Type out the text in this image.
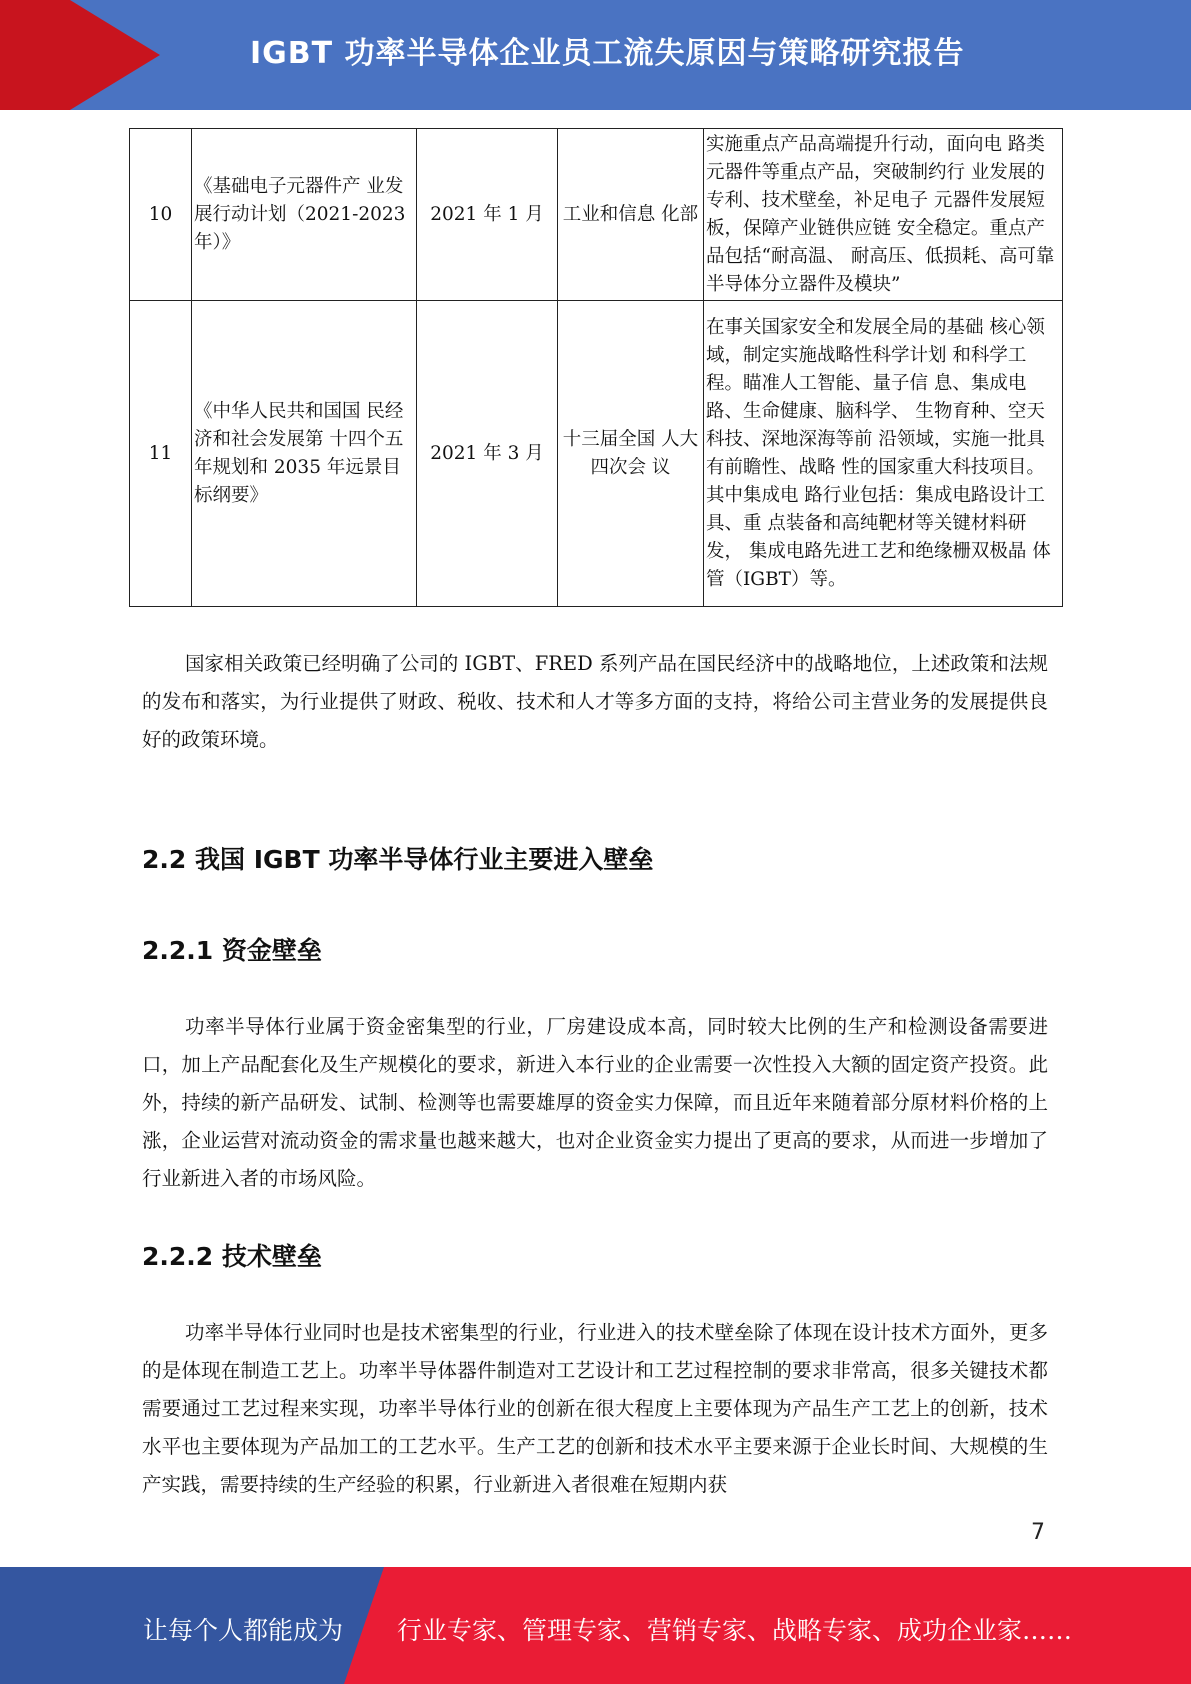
IGBT 功率半导体企业员工流失原因与策略研究报告
10	《基础电子元器件产 业发展行动计划（2021-2023 年）》	2021 年 1 月	工业和信息 化部	实施重点产品高端提升行动，面向电 路类元器件等重点产品，突破制约行 业发展的专利、技术壁垒，补足电子 元器件发展短板，保障产业链供应链 安全稳定。重点产品包括“耐高温、 耐高压、低损耗、高可靠半导体分立器件及模块”
11	《中华人民共和国国 民经济和社会发展第 十四个五年规划和 2035 年远景目标纲要》	2021 年 3 月	十三届全国 人大四次会 议	在事关国家安全和发展全局的基础 核心领域，制定实施战略性科学计划 和科学工程。瞄准人工智能、量子信 息、集成电路、生命健康、脑科学、 生物育种、空天科技、深地深海等前 沿领域，实施一批具有前瞻性、战略 性的国家重大科技项目。其中集成电 路行业包括：集成电路设计工具、重 点装备和高纯靶材等关键材料研发， 集成电路先进工艺和绝缘栅双极晶 体管（IGBT）等。
国家相关政策已经明确了公司的 IGBT、FRED 系列产品在国民经济中的战略地位，上述政策和法规的发布和落实，为行业提供了财政、税收、技术和人才等多方面的支持，将给公司主营业务的发展提供良好的政策环境。
2.2 我国 IGBT 功率半导体行业主要进入壁垒
2.2.1 资金壁垒
功率半导体行业属于资金密集型的行业，厂房建设成本高，同时较大比例的生产和检测设备需要进口，加上产品配套化及生产规模化的要求，新进入本行业的企业需要一次性投入大额的固定资产投资。此外，持续的新产品研发、试制、检测等也需要雄厚的资金实力保障，而且近年来随着部分原材料价格的上涨，企业运营对流动资金的需求量也越来越大，也对企业资金实力提出了更高的要求，从而进一步增加了行业新进入者的市场风险。
2.2.2 技术壁垒
功率半导体行业同时也是技术密集型的行业，行业进入的技术壁垒除了体现在设计技术方面外，更多的是体现在制造工艺上。功率半导体器件制造对工艺设计和工艺过程控制的要求非常高，很多关键技术都需要通过工艺过程来实现，功率半导体行业的创新在很大程度上主要体现为产品生产工艺上的创新，技术水平也主要体现为产品加工的工艺水平。生产工艺的创新和技术水平主要来源于企业长时间、大规模的生产实践，需要持续的生产经验的积累，行业新进入者很难在短期内获
7
让每个人都能成为 行业专家、管理专家、营销专家、战略专家、成功企业家……
